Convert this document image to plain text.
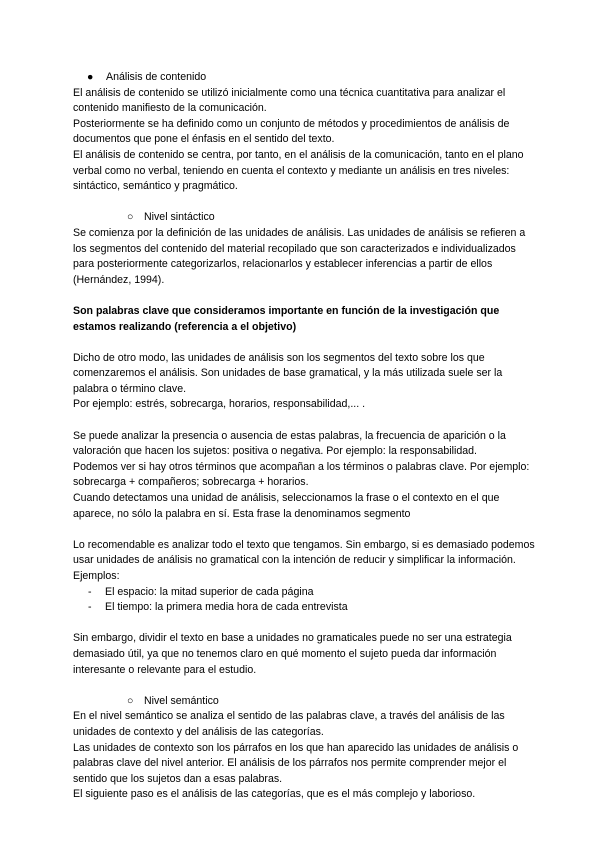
● Análisis de contenido

El análisis de contenido se utilizó inicialmente como una técnica cuantitativa para analizar el contenido manifiesto de la comunicación.

Posteriormente se ha definido como un conjunto de métodos y procedimientos de análisis de documentos que pone el énfasis en el sentido del texto.

El análisis de contenido se centra, por tanto, en el análisis de la comunicación, tanto en el plano verbal como no verbal, teniendo en cuenta el contexto y mediante un análisis en tres niveles: sintáctico, semántico y pragmático.

○ Nivel sintáctico

Se comienza por la definición de las unidades de análisis. Las unidades de análisis se refieren a los segmentos del contenido del material recopilado que son caracterizados e individualizados para posteriormente categorizarlos, relacionarlos y establecer inferencias a partir de ellos (Hernández, 1994).

Son palabras clave que consideramos importante en función de la investigación que estamos realizando (referencia a el objetivo)

Dicho de otro modo, las unidades de análisis son los segmentos del texto sobre los que comenzaremos el análisis. Son unidades de base gramatical, y la más utilizada suele ser la palabra o término clave.

Por ejemplo: estrés, sobrecarga, horarios, responsabilidad,... .

Se puede analizar la presencia o ausencia de estas palabras, la frecuencia de aparición o la valoración que hacen los sujetos: positiva o negativa. Por ejemplo: la responsabilidad.

Podemos ver si hay otros términos que acompañan a los términos o palabras clave. Por ejemplo: sobrecarga + compañeros; sobrecarga + horarios.

Cuando detectamos una unidad de análisis, seleccionamos la frase o el contexto en el que aparece, no sólo la palabra en sí. Esta frase la denominamos segmento

Lo recomendable es analizar todo el texto que tengamos. Sin embargo, si es demasiado podemos usar unidades de análisis no gramatical con la intención de reducir y simplificar la información. Ejemplos:

- El espacio: la mitad superior de cada página
- El tiempo: la primera media hora de cada entrevista

Sin embargo, dividir el texto en base a unidades no gramaticales puede no ser una estrategia demasiado útil, ya que no tenemos claro en qué momento el sujeto pueda dar información interesante o relevante para el estudio.

○ Nivel semántico

En el nivel semántico se analiza el sentido de las palabras clave, a través del análisis de las unidades de contexto y del análisis de las categorías.

Las unidades de contexto son los párrafos en los que han aparecido las unidades de análisis o palabras clave del nivel anterior. El análisis de los párrafos nos permite comprender mejor el sentido que los sujetos dan a esas palabras.

El siguiente paso es el análisis de las categorías, que es el más complejo y laborioso.
